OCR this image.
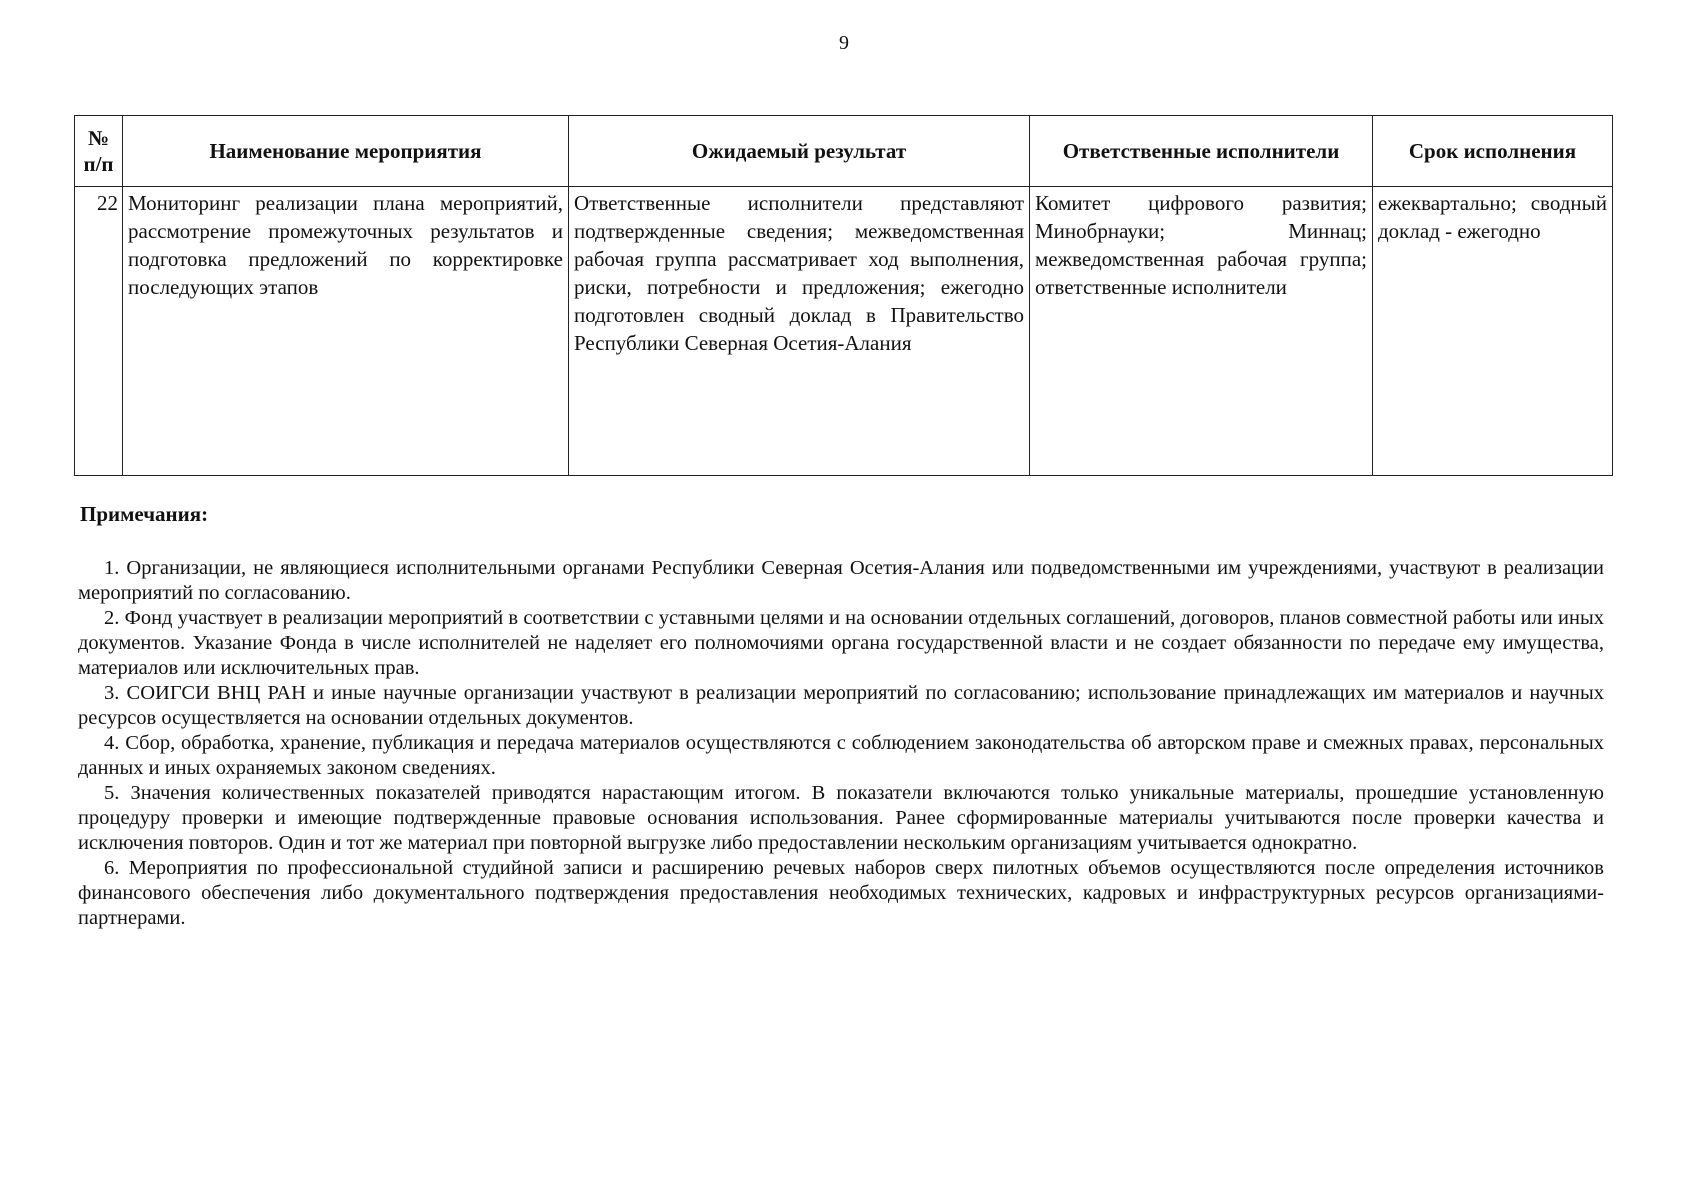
9
№ п/п	Наименование мероприятия	Ожидаемый результат	Ответственные исполнители	Срок исполнения
22	Мониторинг реализации плана мероприятий, рассмотрение промежуточных результатов и подготовка предложений по корректировке последующих этапов	Ответственные исполнители представляют подтвержденные сведения; межведомственная рабочая группа рассматривает ход выполнения, риски, потребности и предложения; ежегодно подготовлен сводный доклад в Правительство Республики Северная Осетия-Алания	Комитет цифрового развития; Минобрнауки; Миннац; межведомственная рабочая группа; ответственные исполнители	ежеквартально; сводный доклад - ежегодно
Примечания:

1. Организации, не являющиеся исполнительными органами Республики Северная Осетия-Алания или подведомственными им учреждениями, участвуют в реализации мероприятий по согласованию.

2. Фонд участвует в реализации мероприятий в соответствии с уставными целями и на основании отдельных соглашений, договоров, планов совместной работы или иных документов. Указание Фонда в числе исполнителей не наделяет его полномочиями органа государственной власти и не создает обязанности по передаче ему имущества, материалов или исключительных прав.

3. СОИГСИ ВНЦ РАН и иные научные организации участвуют в реализации мероприятий по согласованию; использование принадлежащих им материалов и научных ресурсов осуществляется на основании отдельных документов.

4. Сбор, обработка, хранение, публикация и передача материалов осуществляются с соблюдением законодательства об авторском праве и смежных правах, персональных данных и иных охраняемых законом сведениях.

5. Значения количественных показателей приводятся нарастающим итогом. В показатели включаются только уникальные материалы, прошедшие установленную процедуру проверки и имеющие подтвержденные правовые основания использования. Ранее сформированные материалы учитываются после проверки качества и исключения повторов. Один и тот же материал при повторной выгрузке либо предоставлении нескольким организациям учитывается однократно.

6. Мероприятия по профессиональной студийной записи и расширению речевых наборов сверх пилотных объемов осуществляются после определения источников финансового обеспечения либо документального подтверждения предоставления необходимых технических, кадровых и инфраструктурных ресурсов организациями-партнерами.
